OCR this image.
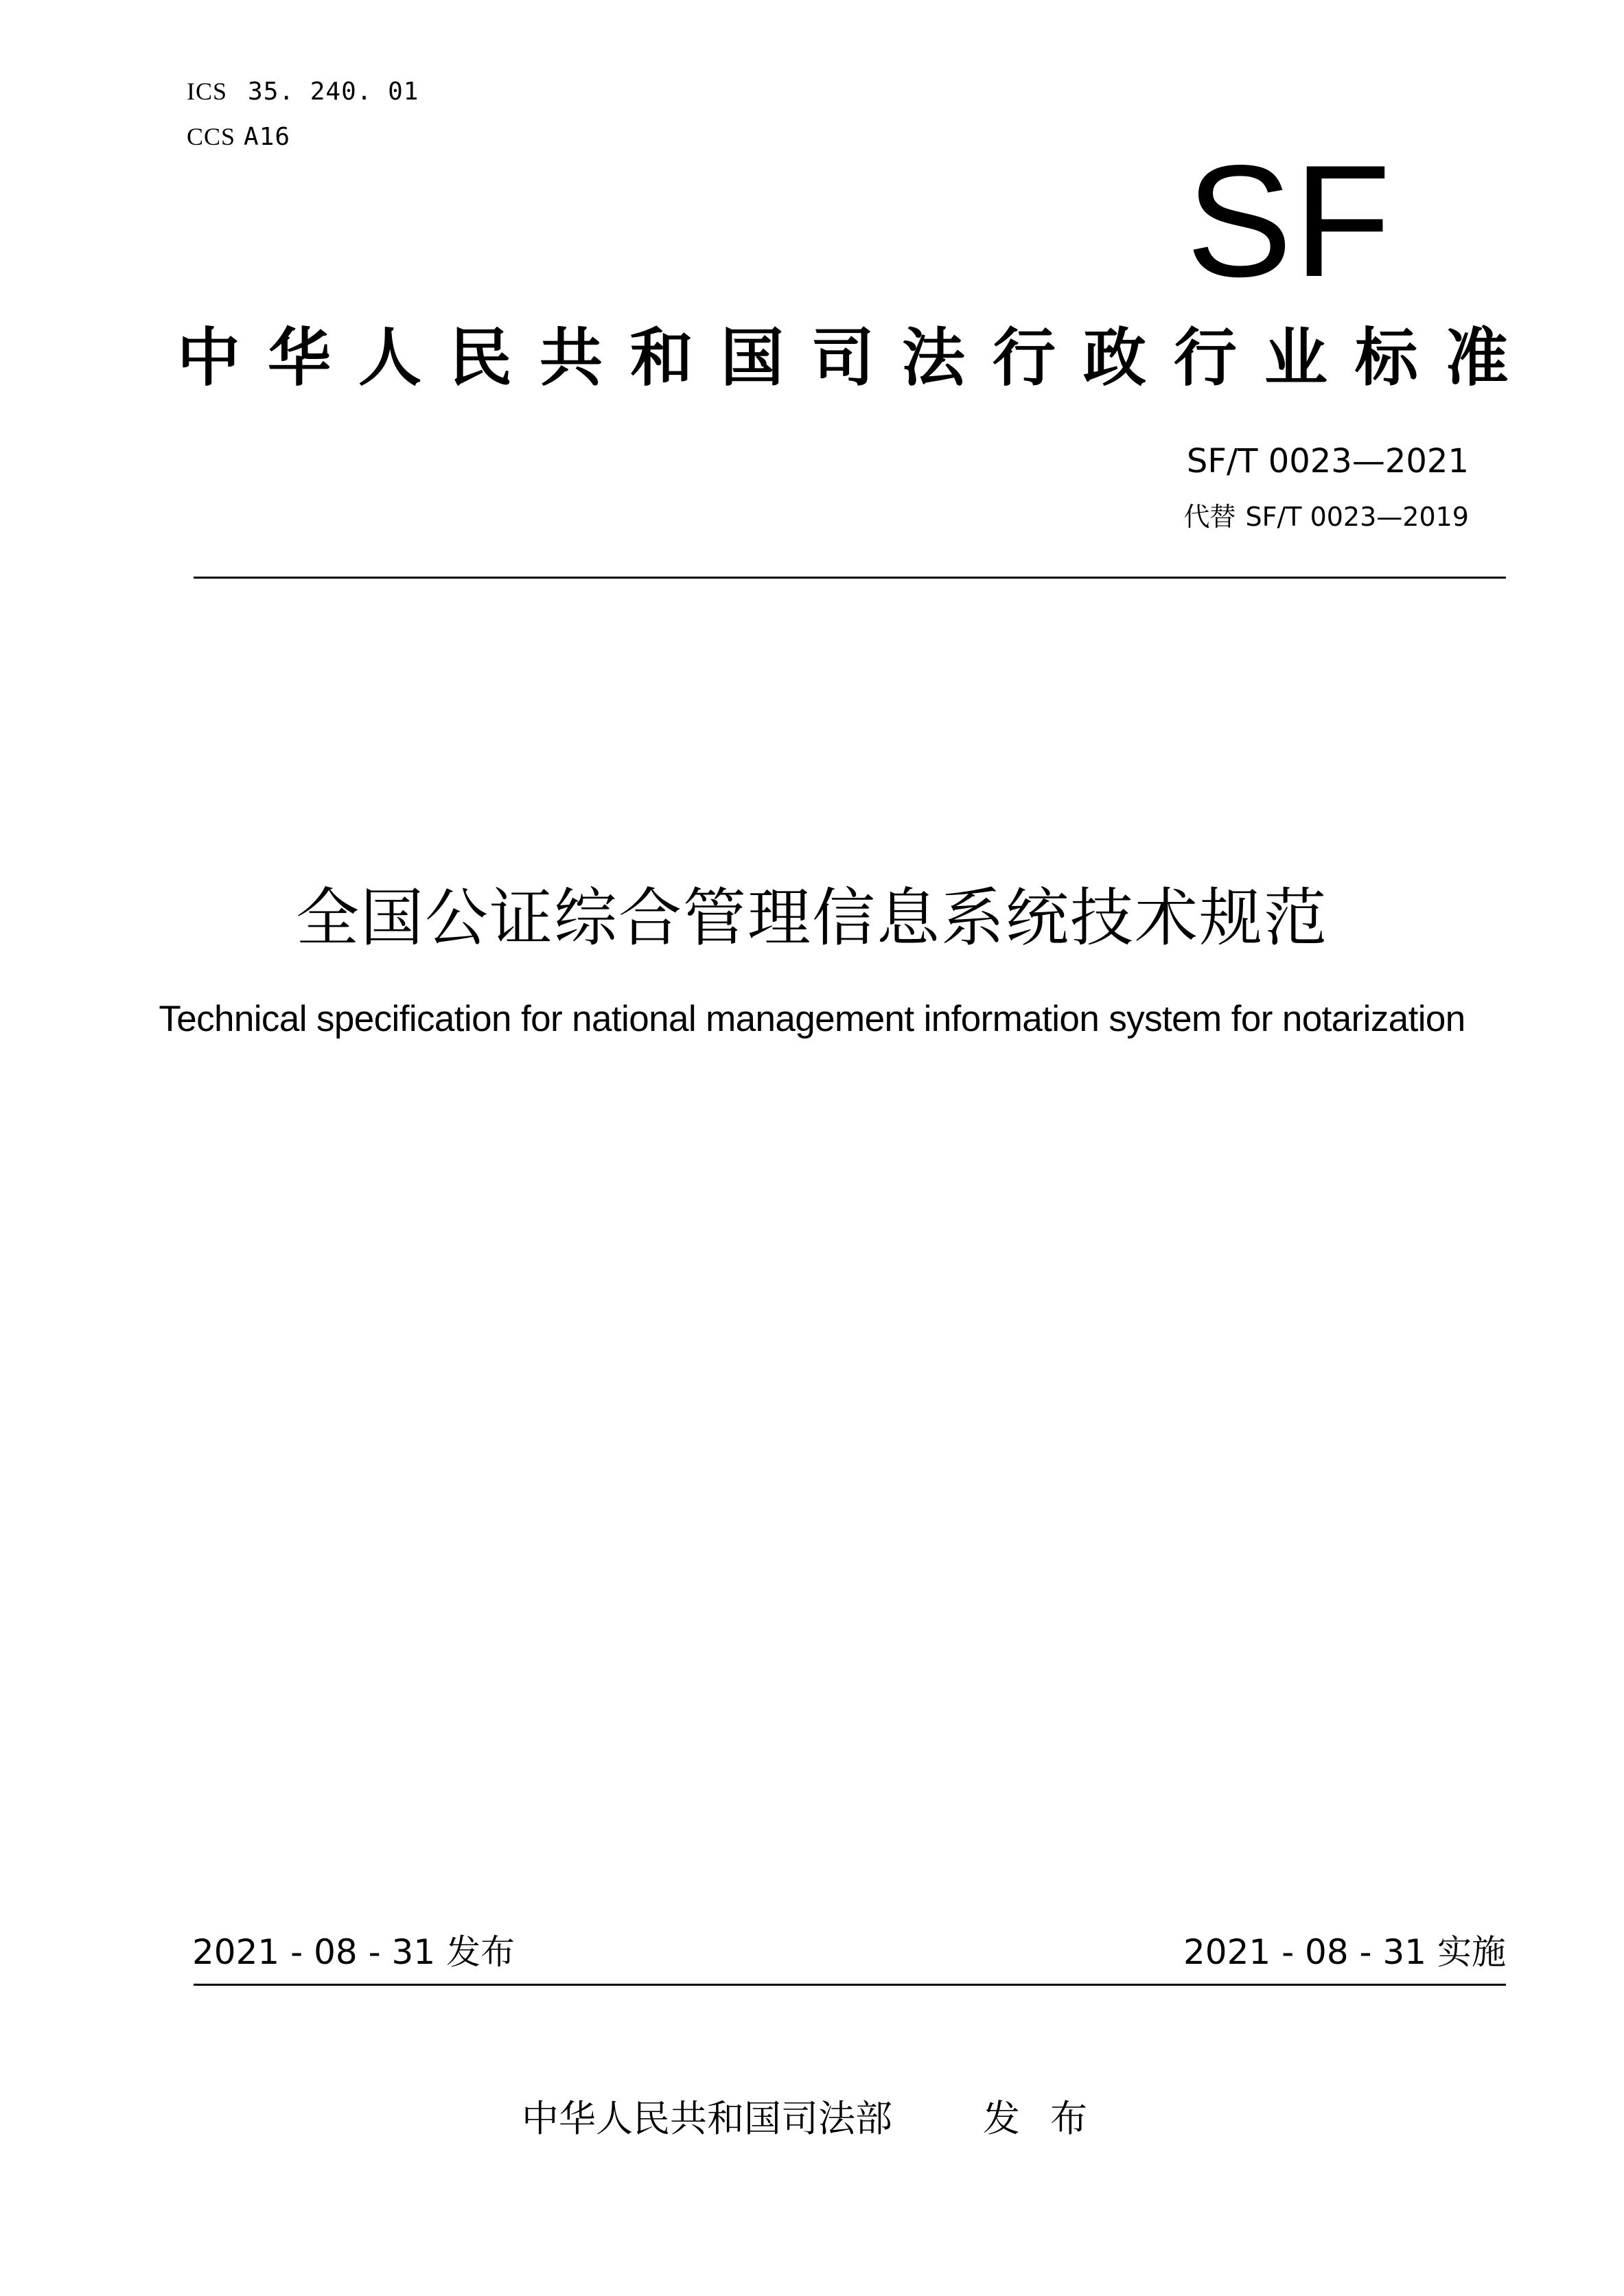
ICS 35. 240. 01
CCS A16	SF
中 华 人 民 共 和 国 司 法 行 政 行 业 标 准
SF/T 0023—2021
代替 SF/T 0023—2019
全国公证综合管理信息系统技术规范
Technical specification for national management information system for notarization
2021 - 08 - 31 发布	2021 - 08 - 31 实施
中华人民共和国司法部 发 布
